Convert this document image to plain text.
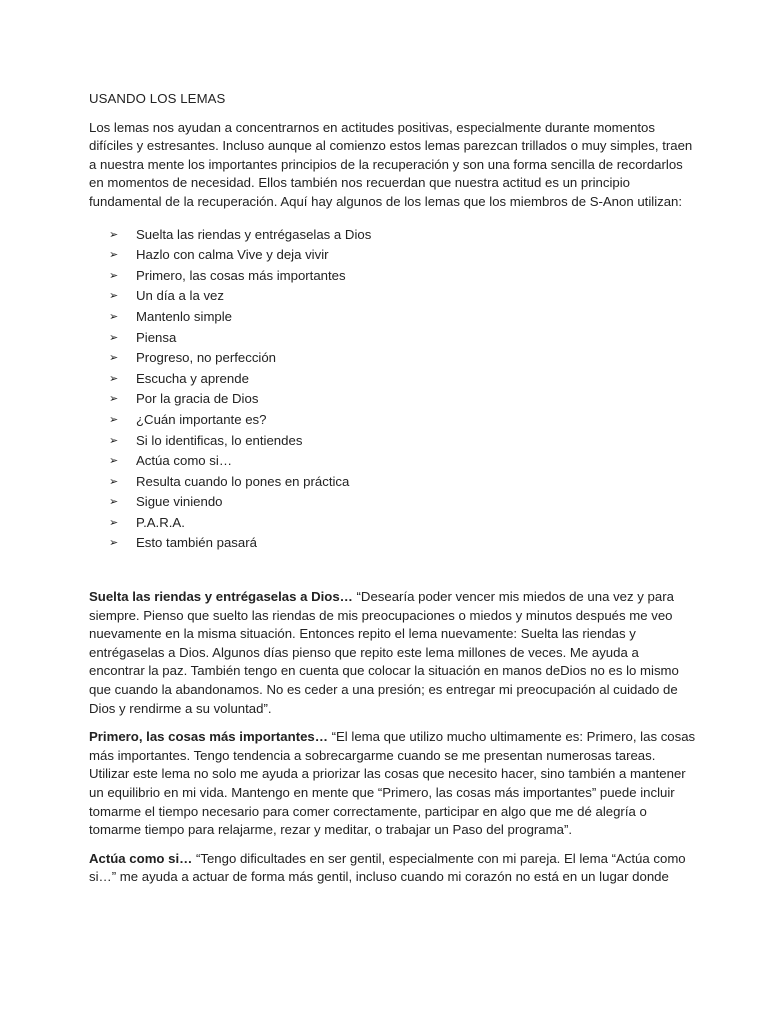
USANDO LOS LEMAS

Los lemas nos ayudan a concentrarnos en actitudes positivas, especialmente durante momentos difíciles y estresantes. Incluso aunque al comienzo estos lemas parezcan trillados o muy simples, traen a nuestra mente los importantes principios de la recuperación y son una forma sencilla de recordarlos en momentos de necesidad. Ellos también nos recuerdan que nuestra actitud es un principio fundamental de la recuperación. Aquí hay algunos de los lemas que los miembros de S-Anon utilizan:

➢	Suelta las riendas y entrégaselas a Dios
➢	Hazlo con calma Vive y deja vivir
➢	Primero, las cosas más importantes
➢	Un día a la vez
➢	Mantenlo simple
➢	Piensa
➢	Progreso, no perfección
➢	Escucha y aprende
➢	Por la gracia de Dios
➢	¿Cuán importante es?
➢	Si lo identificas, lo entiendes
➢	Actúa como si…
➢	Resulta cuando lo pones en práctica
➢	Sigue viniendo
➢	P.A.R.A.
➢	Esto también pasará

Suelta las riendas y entrégaselas a Dios… “Desearía poder vencer mis miedos de una vez y para siempre. Pienso que suelto las riendas de mis preocupaciones o miedos y minutos después me veo nuevamente en la misma situación. Entonces repito el lema nuevamente: Suelta las riendas y entrégaselas a Dios. Algunos días pienso que repito este lema millones de veces. Me ayuda a encontrar la paz. También tengo en cuenta que colocar la situación en manos deDios no es lo mismo que cuando la abandonamos. No es ceder a una presión; es entregar mi preocupación al cuidado de Dios y rendirme a su voluntad”.

Primero, las cosas más importantes… “El lema que utilizo mucho ultimamente es: Primero, las cosas más importantes. Tengo tendencia a sobrecargarme cuando se me presentan numerosas tareas. Utilizar este lema no solo me ayuda a priorizar las cosas que necesito hacer, sino también a mantener un equilibrio en mi vida. Mantengo en mente que “Primero, las cosas más importantes” puede incluir tomarme el tiempo necesario para comer correctamente, participar en algo que me dé alegría o tomarme tiempo para relajarme, rezar y meditar, o trabajar un Paso del programa”.

Actúa como si… “Tengo dificultades en ser gentil, especialmente con mi pareja. El lema “Actúa como si…” me ayuda a actuar de forma más gentil, incluso cuando mi corazón no está en un lugar donde
